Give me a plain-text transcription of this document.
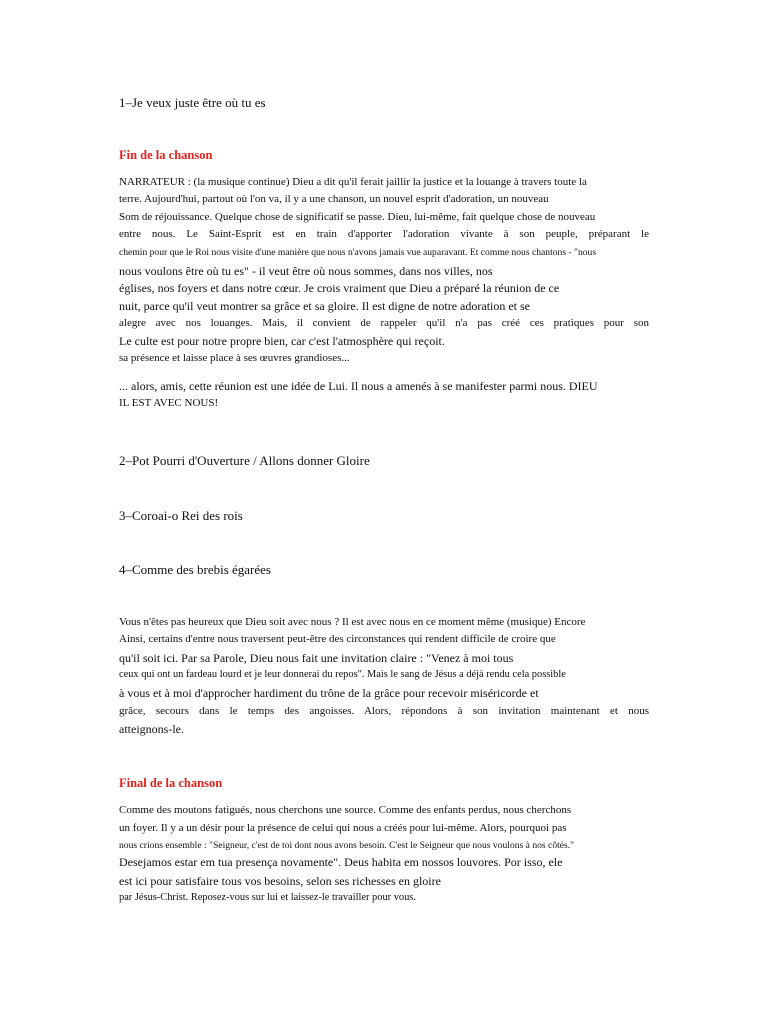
1–Je veux juste être où tu es

Fin de la chanson

NARRATEUR : (la musique continue) Dieu a dit qu'il ferait jaillir la justice et la louange à travers toute la

terre. Aujourd'hui, partout où l'on va, il y a une chanson, un nouvel esprit d'adoration, un nouveau

Som de réjouissance. Quelque chose de significatif se passe. Dieu, lui-même, fait quelque chose de nouveau

entre nous. Le Saint-Esprit est en train d'apporter l'adoration vivante à son peuple, préparant le

chemin pour que le Roi nous visite d'une manière que nous n'avons jamais vue auparavant. Et comme nous chantons - "nous

nous voulons être où tu es" - il veut être où nous sommes, dans nos villes, nos

églises, nos foyers et dans notre cœur. Je crois vraiment que Dieu a préparé la réunion de ce

nuit, parce qu'il veut montrer sa grâce et sa gloire. Il est digne de notre adoration et se

alegre avec nos louanges. Mais, il convient de rappeler qu'il n'a pas créé ces pratiques pour son

Le culte est pour notre propre bien, car c'est l'atmosphère qui reçoit.

sa présence et laisse place à ses œuvres grandioses...

... alors, amis, cette réunion est une idée de Lui. Il nous a amenés à se manifester parmi nous. DIEU

IL EST AVEC NOUS!

2–Pot Pourri d'Ouverture / Allons donner Gloire

3–Coroai-o Rei des rois

4–Comme des brebis égarées

Vous n'êtes pas heureux que Dieu soit avec nous ? Il est avec nous en ce moment même (musique) Encore

Ainsi, certains d'entre nous traversent peut-être des circonstances qui rendent difficile de croire que

qu'il soit ici. Par sa Parole, Dieu nous fait une invitation claire : "Venez à moi tous

ceux qui ont un fardeau lourd et je leur donnerai du repos". Mais le sang de Jésus a déjà rendu cela possible

à vous et à moi d'approcher hardiment du trône de la grâce pour recevoir miséricorde et

grâce, secours dans le temps des angoisses. Alors, répondons à son invitation maintenant et nous

atteignons-le.

Final de la chanson

Comme des moutons fatigués, nous cherchons une source. Comme des enfants perdus, nous cherchons

un foyer. Il y a un désir pour la présence de celui qui nous a créés pour lui-même. Alors, pourquoi pas

nous crions ensemble : "Seigneur, c'est de toi dont nous avons besoin. C'est le Seigneur que nous voulons à nos côtés."

Desejamos estar em tua presença novamente". Deus habita em nossos louvores. Por isso, ele

est ici pour satisfaire tous vos besoins, selon ses richesses en gloire

par Jésus-Christ. Reposez-vous sur lui et laissez-le travailler pour vous.
